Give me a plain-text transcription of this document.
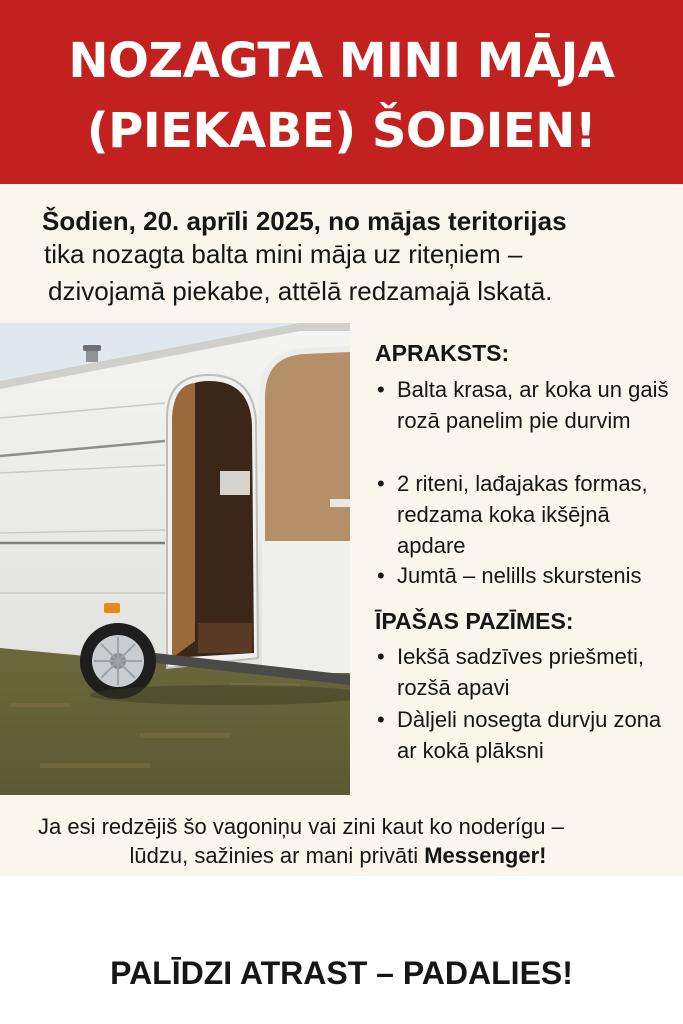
NOZAGTA MINI MĀJA
(PIEKABE) ŠODIEN!
Šodien, 20. aprīli 2025, no mājas teritorijas
tika nozagta balta mini māja uz riteņiem –
dzivojamā piekabe, attēlā redzamajā lskatā.
APRAKSTS:
• Balta krasa, ar koka un gaiš rozā panelim pie durvim
• 2 riteni, lađajakas formas, redzama koka ikšējnā apdare
• Jumtā – nelills skurstenis
ĪPAŠAS PAZĪMES:
• Iekšā sadzīves priešmeti, rozšā apavi
• Dàljeli nosegta durvju zona ar kokā plāksni
Ja esi redzējiš šo vagoniņu vai zini kaut ko noderígu –
lūdzu, sažinies ar mani privāti Messenger!
PALĪDZI ATRAST – PADALIES!
